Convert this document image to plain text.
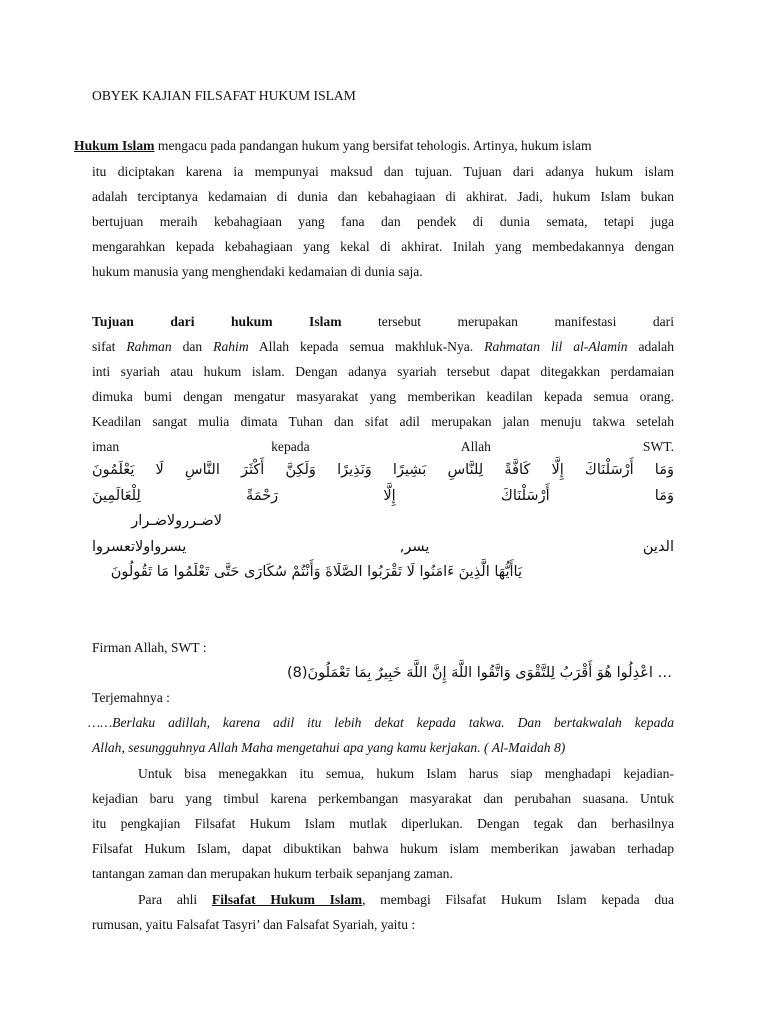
OBYEK KAJIAN FILSAFAT HUKUM ISLAM
Hukum Islam mengacu pada pandangan hukum yang bersifat teholoɡis. Artinya, hukum islam
itu diciptakan karena ia mempunyai maksud dan tujuan. Tujuan dari adanya hukum islam
adalah terciptanya kedamaian di dunia dan kebahagiaan di akhirat. Jadi, hukum Islam bukan
bertujuan meraih kebahagiaan yang fana dan pendek di dunia semata, tetapi juga
mengarahkan kepada kebahagiaan yang kekal di akhirat. Inilah yang membedakannya dengan
hukum manusia yang menghendaki kedamaian di dunia saja.
Tujuan dari hukum Islam tersebut merupakan manifestasi dari
sifat Rahman dan Rahim Allah kepada semua makhluk-Nya. Rahmatan lil al-Alamin adalah
inti syariah atau hukum islam. Dengan adanya syariah tersebut dapat ditegakkan perdamaian
dimuka bumi dengan mengatur masyarakat yang memberikan keadilan kepada semua orang.
Keadilan sangat mulia dimata Tuhan dan sifat adil merupakan jalan menuju takwa setelah
iman kepada Allah SWT.
وَمَا أَرْسَلْنَاكَ إِلَّا كَافَّةً لِلنَّاسِ بَشِيرًا وَنَذِيرًا وَلَكِنَّ أَكْثَرَ النَّاسِ لَا يَعْلَمُونَ
وَمَا أَرْسَلْنَاكَ إِلَّا رَحْمَةً لِلْعَالَمِينَ
لاضـررولاضـرار
الدين يسر, يسرواولاتعسروا
يَاأَيُّهَا الَّذِينَ ءَامَنُوا لَا تَقْرَبُوا الصَّلَاةَ وَأَنْتُمْ سُكَارَى حَتَّى تَعْلَمُوا مَا تَقُولُونَ
Firman Allah, SWT :
… اعْدِلُوا هُوَ أَقْرَبُ لِلتَّقْوَى وَاتَّقُوا اللَّهَ إِنَّ اللَّهَ خَبِيرٌ بِمَا تَعْمَلُونَ(8)
Terjemahnya :
……Berlaku adillah, karena adil itu lebih dekat kepada takwa. Dan bertakwalah kepada
Allah, sesungguhnya Allah Maha mengetahui apa yang kamu kerjakan. ( Al-Maidah 8)
Untuk bisa menegakkan itu semua, hukum Islam harus siap menghadapi kejadian-
kejadian baru yang timbul karena perkembangan masyarakat dan perubahan suasana. Untuk
itu pengkajian Filsafat Hukum Islam mutlak diperlukan. Dengan tegak dan berhasilnya
Filsafat Hukum Islam, dapat dibuktikan bahwa hukum islam memberikan jawaban terhadap
tantangan zaman dan merupakan hukum terbaik sepanjang zaman.
Para ahli Filsafat Hukum Islam, membagi Filsafat Hukum Islam kepada dua
rumusan, yaitu Falsafat Tasyri’ dan Falsafat Syariah, yaitu :
